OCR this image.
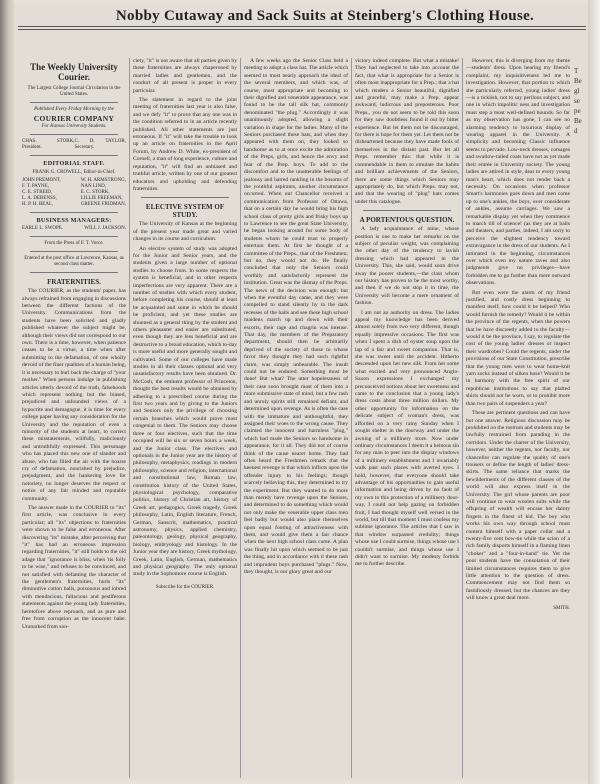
Nobby Cutaway and Sack Suits at Steinberg's Clothing House.
The Weekly University Courier.
The Largest College Journal Circulation in the United States.
Published Every Friday Morning by the
COURIER COMPANY
For Kansas University Students.
CHAS. STORK, President.
C. D. TAYLOR, Secretary.
EDITORIAL STAFF.
FRANK G. CROWELL, Editor-in-Chief.
JOHN PREMONT,
F. T. PAYNE,
C. E. STREID,
L. A. DEBENSS,
H. P. H. BEAL,
W. H. ARMSTRONG,
NAN LIND,
E. C. STORK,
LILLIE FREEMAN,
GREENE FRIDMAN,
BUSINESS MANAGERS:
EARLE L. SWOPE.	WILL J. JACKSON.
From the Press of F. T. Vorce.
Entered at the post office at Lawrence, Kansas, as second class matter.
FRATERNITIES.

The COURIER, as the students' paper, has always refrained from engaging in discussions between the different factions of the University. Communications from the students have been solicited and gladly published whatever the subject might be, although their views did not correspond to our own. There is a time, however, when patience ceases to be a virtue, a time when after submitting to the defamation, of one wholly devoid of the finer qualities of a human being, it is necessary to hurl back the charge of "your mother." When persons indulge in publishing articles utterly devoid of the truth, falsehoods which represent nothing but the biased, prejudiced and unfounded views of a hypocrite and demagogue, it is time for every college paper having any consideration for the University and the reputation of even a minority of the students at heart, to correct these misstatements, willfully, maliciously and untruthfully expressed. This personage who has placed this new one of slander and abuse, who has filled the air with the hoarse cry of defamation, nourished by prejudice, prejudgment, and the hankering love for notoriety, no longer deserves the respect or notice of any fair minded and reputable community.

The answer made in the COURIER to "its" first article, was conclusive in every particular; all "its" objections to fraternities were shown to be false and erroneous. After discovering "its" mistake, after perceiving that "it" has had an erroneous impression regarding fraternities, "it" still holds to the old adage that "ignorance is bliss, when 'tis folly to be wise," and refuses to be convinced, and not satisfied with defaming the character of the gentlemen's fraternities, hurls "its" diminutive cotton balls, poisonous and inbred with mendacious, fallacious and pestiferous statements against the young lady fraternities, heretofore above reproach, and as pure and free from corruption as the innocent babe. Unmarked from son-

ciety, "it" is not aware that all parties given by these fraternities are always chaperoned by married ladies and gentlemen, and the conduct of all present is proper in every particular.

The statement in regard to the joint meeting of fraternities last year is also false, and we defy "it" to prove that any one was in the condition referred to in an article recently published. All other statements are just erroneous. If "it" will take the trouble to look up an article on fraternities in the April Forum, by Andrew D. White, ex-president of Cornell, a man of long experience, culture and reputation, "it" will find an unbiased and truthful article, written by one of our greatest educators and upholding and defending fraternities.

ELECTIVE SYSTEM OF STUDY.

The University of Kansas at the beginning of the present year made great and varied changes in its course and curriculum.

An elective system of study was adopted for the Junior and Senior years, and the students given a large number of optional studies to choose from. In some respects the system is beneficial, and in other respects imperfections are very apparent. There are a number of studies with which every student, before completing his course, should at least be acquainted and some in which he should be proficient, and yet these studies are shunned as a general thing by the student and others pleasanter and easier are substituted, even though they are less beneficial and are destructive to a broad education, which to-day is more useful and more generally sought and cultivated. Some of our colleges have made studies in all their classes optional and very unsatisfactory results have been obtained. Dr. McCosh, the eminent professor of Princeton, thought the best results would be obtained by adhering to a prescribed course during the first two years and by giving to the Juniors and Seniors only the privilege of choosing certain branches which would prove most congenial to them. The Seniors may choose three or four electives, such that the time occupied will be six or seven hours a week, and the Junior class. The electives and optionals in the Junior year are the history of philosophy, metaphysics, readings in modern philosophy, science and religion, international and constitutional law, Roman law, constitution history of the United States, physiological psychology, comparative politics, history of Christian art, history of Greek art, pedagogics, Greek tragedy, Greek philosophy, Latin, English literature, French, German, Sanscrit, mathematics, practical astronomy, physics, applied chemistry, paleontology, geology, physical geography, biology, embryology and histology. In the Junior year they are history, Greek mythology, Greek, Latin, English, German, mathematics and physical geography. The only optional study in the Sophomore course is English.

Subscribe for the COURIER.

A few weeks ago the Senior Class held a meeting to adopt a class hat. The article which seemed to most nearly approach the ideal of the several members, and which was, of course, most appropriate and becoming to their dignified and venerable appearance, was found to be the tall silk hat, commonly denominated "the plug." Accordingly it was unanimously adopted, allowing a slight variation in shape for the ladies. Many of the Seniors purchased these hats, and when they appeared with them on, they looked so handsome as to at once excite the admiration of the Preps, girls, and hence the envy and fear of the Prep. boys. To add to the discomfort and to the unutterable feelings of jealousy and hatred rankling in the bosoms of the youthful aspirants, another circumstance occurred. When our Chancellor received a communication from Professor of Ottawa, that on a certain day he would bring his high school class of pretty girls and frisky boys up to Lawrence to see the great State University, he began looking around for some body of students whom he could trust to properly entertain them. At first he thought of a committee of the Preps., that of the Freshmen; but no, they would not do. He finally concluded that only the Seniors could worthily and satisfactorily represent the institution. Great was the dismay of the Preps. The news of the decision was enough; but when the eventful day came, and they were compelled to stand silently by in the dark recesses of the halls and see these high school maidens march up and down with their escorts, their rage and chagrin was intense. That day, the members of the Preparatory department, should then be arbitrarily deprived of the society of those to whose favor they thought they had such rightful claim, was simply unbearable. The insult could not be endured. Something must be done! But what? The utter hopelessness of their case soon brought most of them into a more submissive state of mind, but a few rash and unruly spirits still remained defiant, and determined upon revenge. As is often the case with the immature and unthoughtful, they assigned their woes to the wrong cause. They claimed the innocent and harmless "plug," which had made the Seniors so handsome in appearance, for it all. They did not of course think of the cause nearer home. They had often heard the Freshmen remark that the keenest revenge is that which inflicts upon the offender injury to his feelings; though scarcely believing this, they determined to try the experiment. But they wanted to do more than merely have revenge upon the Seniors, and determined to do something which would not only make the venerable upper class men feel badly but would also place themselves upon equal footing of attractiveness with them, and would give them a fair chance when the next high school class came. A plan was finally hit upon which seemed to be just the thing, and in accordance with it these rash and imprudent boys purchased "plugs." Now, they thought, is our glory great and our

victory indeed complete. But what a mistake! They had neglected to take into account the fact, that what is appropriate for a Senior is often most inappropriate for a Prep.; that a hat which renders a Senior beautiful, dignified and graceful, may make a Prep. appear awkward, ludicrous and preposterous. Poor Preps., you do not seem to be told this soon for they saw doubtless found it out by bitter experience. But let them not be discouraged, for there is hope for them yet. Let them not be disheartened because they have made fools of themselves in the distant past. But let all Preps. remember this: that while it is commendable in them to emulate the habits and brilliant achievements of the Seniors, there are some things which Seniors may appropriately do, but which Preps. may not, and that the wearing of "plug" hats comes under this catalogue.

A PORTENTOUS QUESTION.

A lady acquaintance of mine, whose position is one to make her remarks on the subject of peculiar weight, was complaining the other day of the tendency to lavish dressing which had appeared in the University. This, she said, would soon drive away the poorer students,—the class whom our history has proven to be the most worthy, and then if we do not stop it in time, the University will become a mere ornament of fashion.

I am not an authority on dress. The ladies appeal my knowledge has been derived almost solely from two very different, though equally impressive occasions. The first was when I spent a dish of oyster soup upon the lap of a fair and sweet companion. That is, she was sweet until the accident. Hitherto descended upon her new silk. From her some what excited and very pronounced Anglo-Saxon expressions I exchanged my preconceived notions about her sweetness and came to the conclusion that a young lady's dress costs about three million dollars. My other opportunity for information on the delicate subject of woman's dress, was afforded on a very rainy Sunday when I sought shelter in the doorway and under the awning of a millinery store. Now under ordinary circumstances I deem it a heinous sin for any man to peer into the display windows of a millinery establishment and I invariably walk past such places with averted eyes. I hold, however, that everyone should take advantage of his opportunities to gain useful information and being driven by no fault of my own to this protection of a millinery door-way, I could not help gazing on forbidden fruit, I had thought myself well versed in the world, but till that moment I must confess my sublime ignorance. The articles that I saw in that window surpassed credulity; things whose use I could surmise, things whose use I couldn't surmise, and things whose use I didn't want to surmise. My modesty forbids me to further describe.

However, this is diverging from my theme—students' dress. Upon hearing my friend's complaint, my inquisitiveness led me to investigation. However, that portion to which she particularly referred, young ladies' dress—is a ticklish, not to say perilous subject, and one in which impolitic ness and investigation must step a most well-defined bounds. So far as my observation has gone, I can see no alarming tendency to luxurious display of wearing apparel in the University. A simplicity and becoming Classic influence seems to pervade. Low-neck dresses, corsages and swallow-tailed coats have not as yet made their entrée in University society. The young ladies are attired in style, dear to every young man's heart, which does not render back a necessity. On occasions when professor Smart's harmonies goes down and men come up to one's ankles, the boys, over considerate of ankles, assume carriages. We saw a remarkable display yet when they commence to march till of science! (as they are at balls and theaters, and parties, indeed, I am sorry to perceive the slightest tendency toward extravagance in the dress of our students. As I intimated in the beginning, circumstances over which even my nature raves and also judgments give no privileges—have forbidden me to go further than mere outward observations.

But even were the alarm of my friend justified, and costly dress beginning to manifest itself, how could it be helped? Who would furnish the remedy? Would it be within the province of the regents, when the powers that be have discreetly added to the faculty—would it be the province, I say, to regulate the cost of the young ladies' dresses or inspect their wardrobes? Could the regents, under the provisions of our State Constitution, prescribe that the young men were to wear home-knit yarn socks instead of silken hose? Would it be in harmony with the free spirit of our republican institutions to say that plaited shirts should not be worn, or to prohibit more than two pairs of suspenders a year?

These are pertinent questions and can have but one answer. Religious discussion may be prohibited on the rostrum and students may be lawfully restrained from parading in the corridors. Under the charter of the University, however, neither the regents, nor faculty, nor chancellor can regulate the quality of one's trousers or define the length of ladies' dress-skirts. The same reliance that marks the bewilderments of the different classes of the world will also express itself in the University. The girl whose parents are poor will continue to wear woolen suits while the offspring of wealth will encase her dainty fingers in the finest of kid. The boy who works his own way through school must content himself with a paper collar and a twenty-five cent bow-tie while the scion of a rich family disports himself in a flaming linen "choker" and a "four-in-hand" tie. Yet the poor students have the consolation of their limited circumstances requires them to give little attention to the question of dress. Commencement may not find them so fastidiously dressed, but the chances are they will know a great deal more.

SMITH.
T
Be
gl
se
pe
Be
d
